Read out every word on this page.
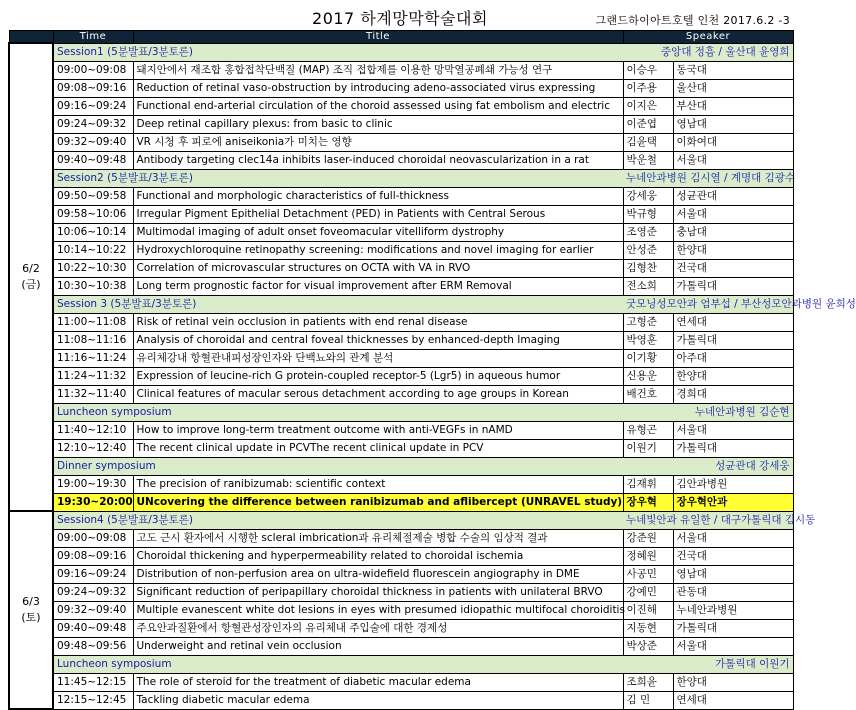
2017 하계망막학술대회	그랜드하이아트호텔 인천 2017.6.2 -3
	Time	Title	Speaker	

6/2
(금)	Session1 (5분발표/3분토론)		중앙대 정흠 / 울산대 윤영희	
	09:00~09:08	돼지안에서 재조합 홍합접착단백질 (MAP) 조직 접합제를 이용한 망막열공폐쇄 가능성 연구	이승우	동국대
	09:08~09:16	Reduction of retinal vaso-obstruction by introducing adeno-associated virus expressing	이주용	울산대
	09:16~09:24	Functional end-arterial circulation of the choroid assessed using fat embolism and electric	이지은	부산대
	09:24~09:32	Deep retinal capillary plexus: from basic to clinic	이준엽	영남대
	09:32~09:40	VR 시청 후 피로에 aniseikonia가 미치는 영향	김윤택	이화여대
	09:40~09:48	Antibody targeting clec14a inhibits laser-induced choroidal neovascularization in a rat	박운철	서울대
	Session2 (5분발표/3분토론)		누네안과병원 김시열 / 계명대 김광수	
	09:50~09:58	Functional and morphologic characteristics of full-thickness	강세웅	성균관대
	09:58~10:06	Irregular Pigment Epithelial Detachment (PED) in Patients with Central Serous	박규형	서울대
	10:06~10:14	Multimodal imaging of adult onset foveomacular vitelliform dystrophy	조영준	충남대
	10:14~10:22	Hydroxychloroquine retinopathy screening: modifications and novel imaging for earlier	안성준	한양대
	10:22~10:30	Correlation of microvascular structures on OCTA with VA in RVO	김형찬	건국대
	10:30~10:38	Long term prognostic factor for visual improvement after ERM Removal	전소희	가톨릭대
	Session 3 (5분발표/3분토론)		굿모닝성모안과 엄부섭 / 부산성모안과병원 윤희성	
	11:00~11:08	Risk of retinal vein occlusion in patients with end renal disease	고형준	연세대
	11:08~11:16	Analysis of choroidal and central foveal thicknesses by enhanced-depth Imaging	박영훈	가톨릭대
	11:16~11:24	유리체강내 항혈관내피성장인자와 단백뇨와의 관계 분석	이기황	아주대
	11:24~11:32	Expression of leucine-rich G protein-coupled receptor-5 (Lgr5) in aqueous humor	신용운	한양대
	11:32~11:40	Clinical features of macular serous detachment according to age groups in Korean	배건호	경희대
	Luncheon symposium		누네안과병원 김순현	
	11:40~12:10	How to improve long-term treatment outcome with anti-VEGFs in nAMD	유형곤	서울대
	12:10~12:40	The recent clinical update in PCVThe recent clinical update in PCV	이원기	가톨릭대
	Dinner symposium		성균관대 강세웅	
	19:00~19:30	The precision of ranibizumab: scientific context	김재휘	김안과병원
	19:30~20:00	UNcovering the difference between ranibizumab and aflibercept (UNRAVEL study)	장우혁	장우혁안과

6/3
(토)	Session4 (5분발표/3분토론)		누네빛안과 유일한 / 대구가톨릭대 김시동	
	09:00~09:08	고도 근시 환자에서 시행한 scleral imbrication과 유리체절제술 병합 수술의 임상적 결과	강준원	서울대
	09:08~09:16	Choroidal thickening and hyperpermeability related to choroidal ischemia	정혜원	건국대
	09:16~09:24	Distribution of non-perfusion area on ultra-widefield fluorescein angiography in DME	사공민	영남대
	09:24~09:32	Significant reduction of peripapillary choroidal thickness in patients with unilateral BRVO	강예민	관동대
	09:32~09:40	Multiple evanescent white dot lesions in eyes with presumed idiopathic multifocal choroiditis	이진해	누네안과병원
	09:40~09:48	주요안과질환에서 항혈관성장인자의 유리체내 주입술에 대한 경제성	지동현	가톨릭대
	09:48~09:56	Underweight and retinal vein occlusion	박상준	서울대
	Luncheon symposium		가톨릭대 이원기	
	11:45~12:15	The role of steroid for the treatment of diabetic macular edema	조희윤	한양대
	12:15~12:45	Tackling diabetic macular edema	김 민	연세대
